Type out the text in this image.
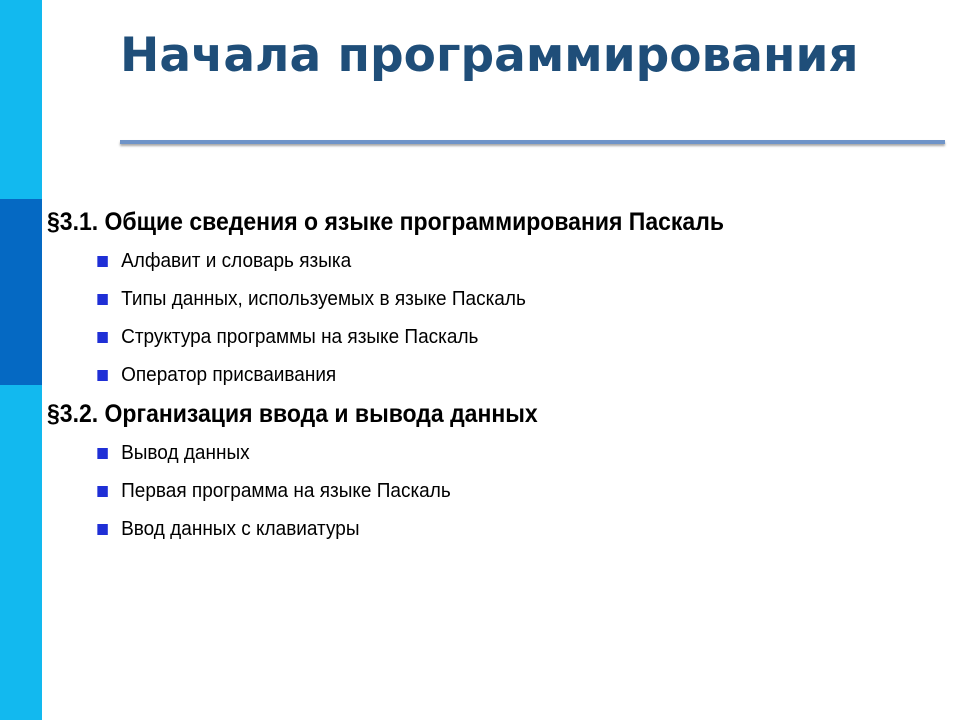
Начала программирования
§3.1. Общие сведения о языке программирования Паскаль
Алфавит и словарь языка
Типы данных, используемых в языке Паскаль
Структура программы на языке Паскаль
Оператор присваивания
§3.2. Организация ввода и вывода данных
Вывод данных
Первая программа на языке Паскаль
Ввод данных с клавиатуры
